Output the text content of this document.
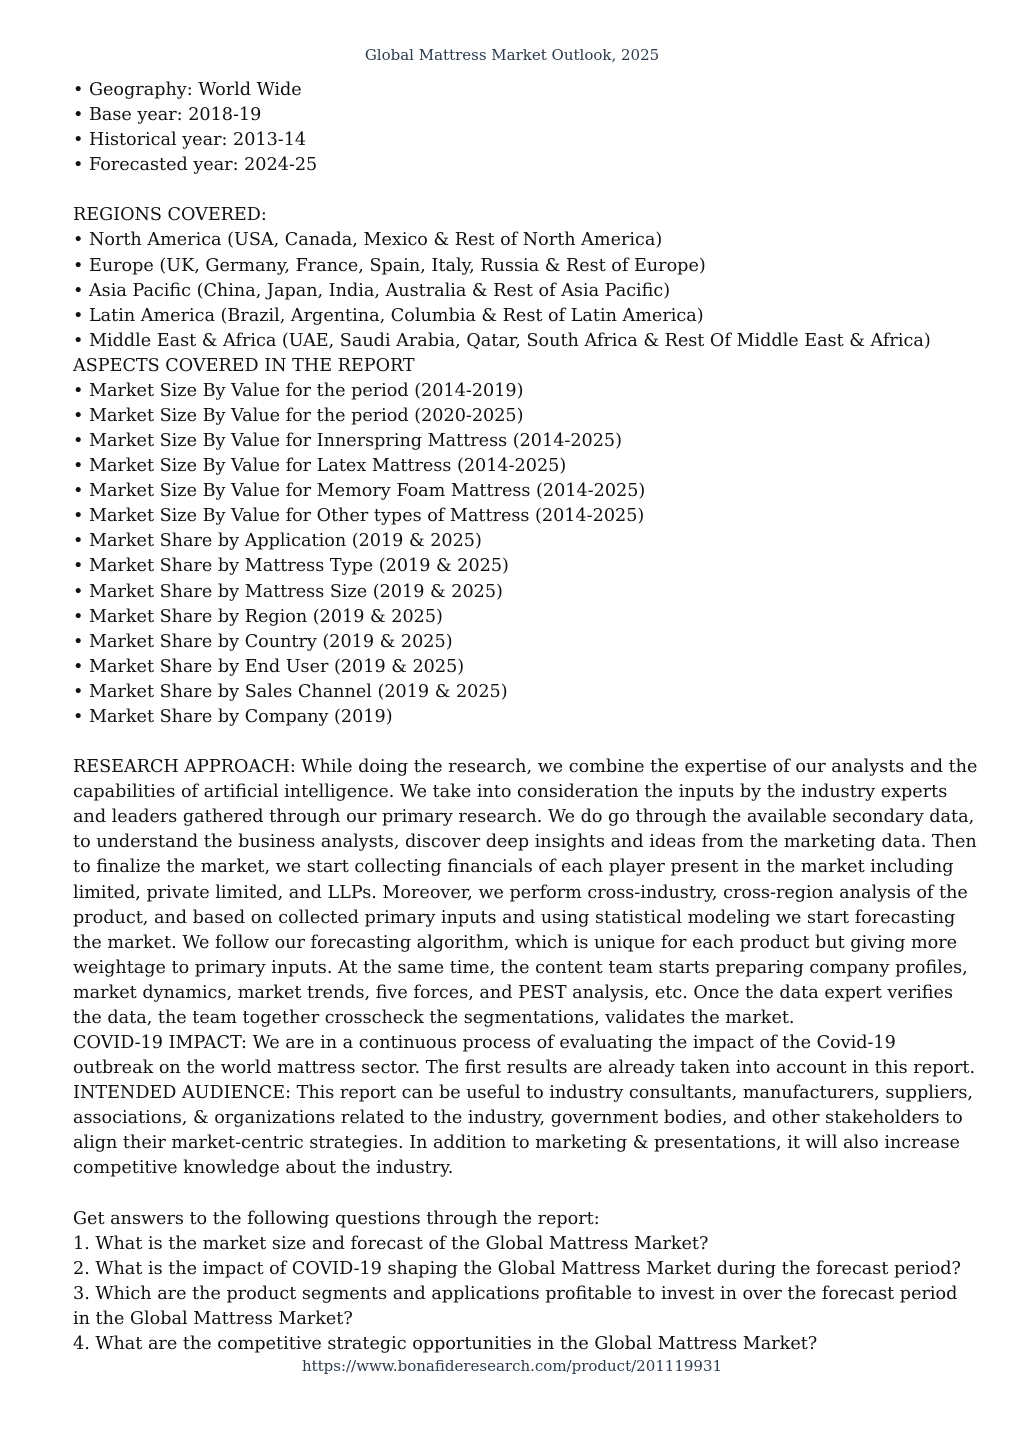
Global Mattress Market Outlook, 2025
• Geography: World Wide
• Base year: 2018-19
• Historical year: 2013-14
• Forecasted year: 2024-25
REGIONS COVERED:
• North America (USA, Canada, Mexico & Rest of North America)
• Europe (UK, Germany, France, Spain, Italy, Russia & Rest of Europe)
• Asia Pacific (China, Japan, India, Australia & Rest of Asia Pacific)
• Latin America (Brazil, Argentina, Columbia & Rest of Latin America)
• Middle East & Africa (UAE, Saudi Arabia, Qatar, South Africa & Rest Of Middle East & Africa)
ASPECTS COVERED IN THE REPORT
• Market Size By Value for the period (2014-2019)
• Market Size By Value for the period (2020-2025)
• Market Size By Value for Innerspring Mattress (2014-2025)
• Market Size By Value for Latex Mattress (2014-2025)
• Market Size By Value for Memory Foam Mattress (2014-2025)
• Market Size By Value for Other types of Mattress (2014-2025)
• Market Share by Application (2019 & 2025)
• Market Share by Mattress Type (2019 & 2025)
• Market Share by Mattress Size (2019 & 2025)
• Market Share by Region (2019 & 2025)
• Market Share by Country (2019 & 2025)
• Market Share by End User (2019 & 2025)
• Market Share by Sales Channel (2019 & 2025)
• Market Share by Company (2019)
RESEARCH APPROACH: While doing the research, we combine the expertise of our analysts and the
capabilities of artificial intelligence. We take into consideration the inputs by the industry experts
and leaders gathered through our primary research. We do go through the available secondary data,
to understand the business analysts, discover deep insights and ideas from the marketing data. Then
to finalize the market, we start collecting financials of each player present in the market including
limited, private limited, and LLPs. Moreover, we perform cross-industry, cross-region analysis of the
product, and based on collected primary inputs and using statistical modeling we start forecasting
the market. We follow our forecasting algorithm, which is unique for each product but giving more
weightage to primary inputs. At the same time, the content team starts preparing company profiles,
market dynamics, market trends, five forces, and PEST analysis, etc. Once the data expert verifies
the data, the team together crosscheck the segmentations, validates the market.
COVID-19 IMPACT: We are in a continuous process of evaluating the impact of the Covid-19
outbreak on the world mattress sector. The first results are already taken into account in this report.
INTENDED AUDIENCE: This report can be useful to industry consultants, manufacturers, suppliers,
associations, & organizations related to the industry, government bodies, and other stakeholders to
align their market-centric strategies. In addition to marketing & presentations, it will also increase
competitive knowledge about the industry.
Get answers to the following questions through the report:
1. What is the market size and forecast of the Global Mattress Market?
2. What is the impact of COVID-19 shaping the Global Mattress Market during the forecast period?
3. Which are the product segments and applications profitable to invest in over the forecast period
in the Global Mattress Market?
4. What are the competitive strategic opportunities in the Global Mattress Market?
https://www.bonafideresearch.com/product/201119931
